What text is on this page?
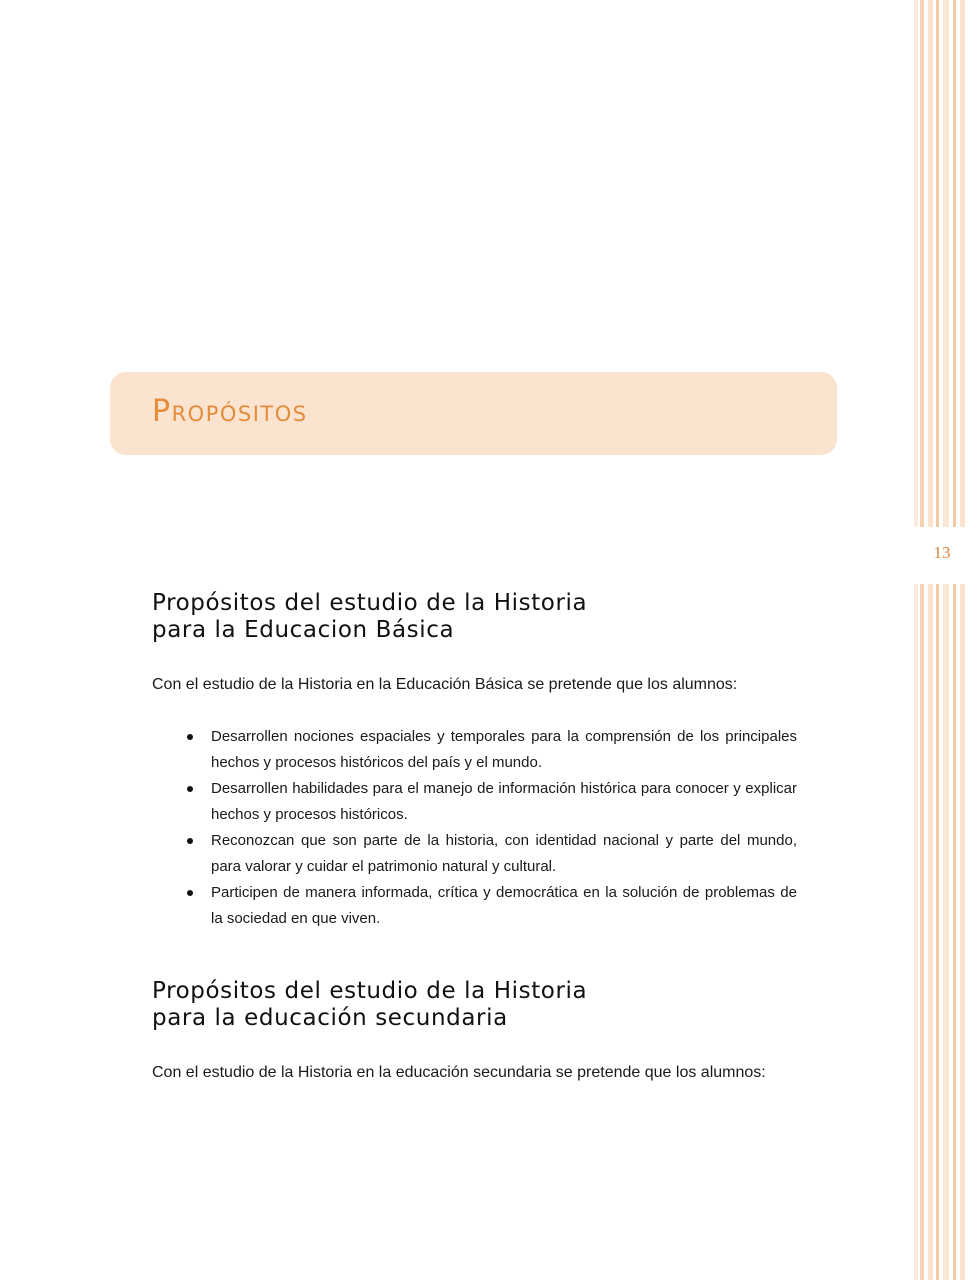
13
Propósitos
Propósitos del estudio de la Historia
para la Educacion Básica

Con el estudio de la Historia en la Educación Básica se pretende que los alumnos:

Desarrollen nociones espaciales y temporales para la comprensión de los principales hechos y procesos históricos del país y el mundo.
Desarrollen habilidades para el manejo de información histórica para conocer y explicar hechos y procesos históricos.
Reconozcan que son parte de la historia, con identidad nacional y parte del mundo, para valorar y cuidar el patrimonio natural y cultural.
Participen de manera informada, crítica y democrática en la solución de problemas de la sociedad en que viven.
Propósitos del estudio de la Historia
para la educación secundaria

Con el estudio de la Historia en la educación secundaria se pretende que los alumnos:
